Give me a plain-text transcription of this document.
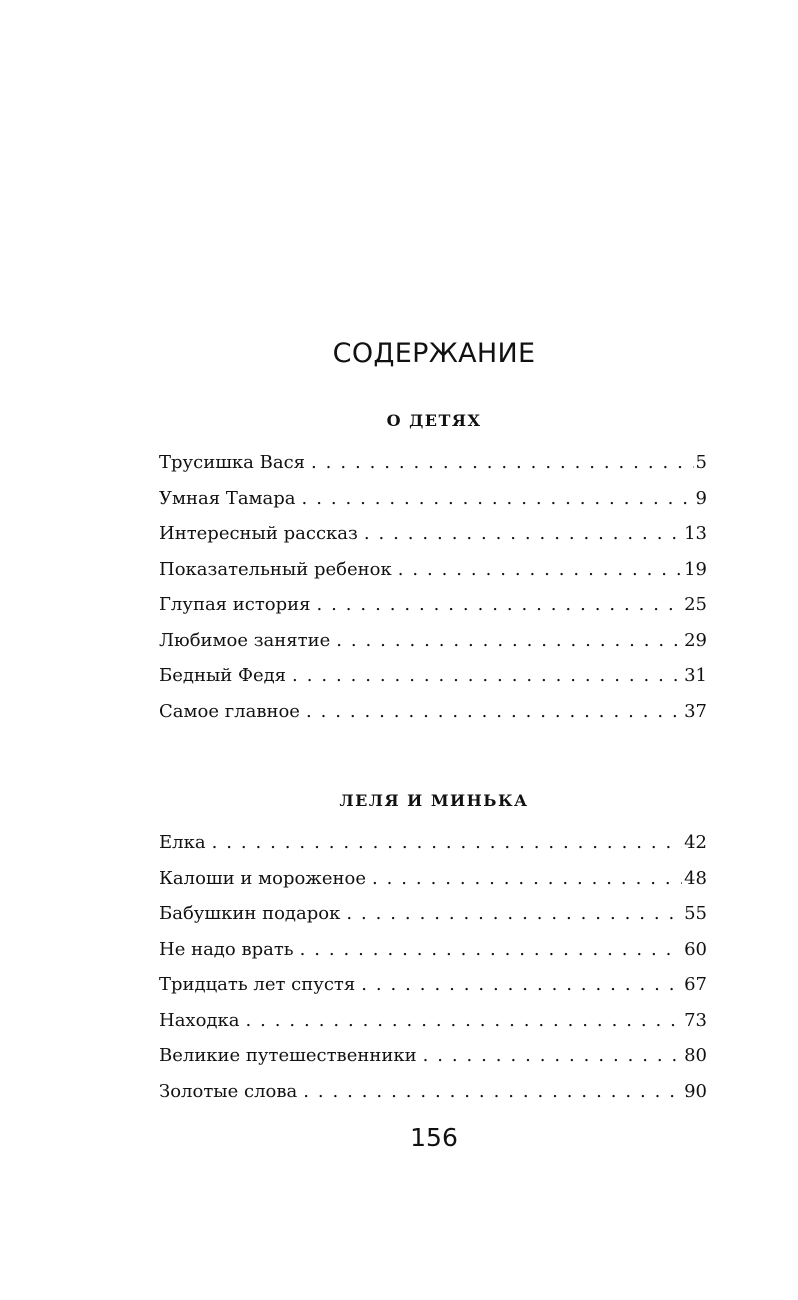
СОДЕРЖАНИЕ
О ДЕТЯХ
Трусишка Вася . . .	5
Умная Тамара . . .	9
Интересный рассказ . . .	13
Показательный ребенок . . .	19
Глупая история . . .	25
Любимое занятие . . .	29
Бедный Федя . . .	31
Самое главное . . .	37
ЛЕЛЯ И МИНЬКА
Елка . . .	42
Калоши и мороженое . . .	48
Бабушкин подарок . . .	55
Не надо врать . . .	60
Тридцать лет спустя . . .	67
Находка . . .	73
Великие путешественники . . .	80
Золотые слова . . .	90
156
